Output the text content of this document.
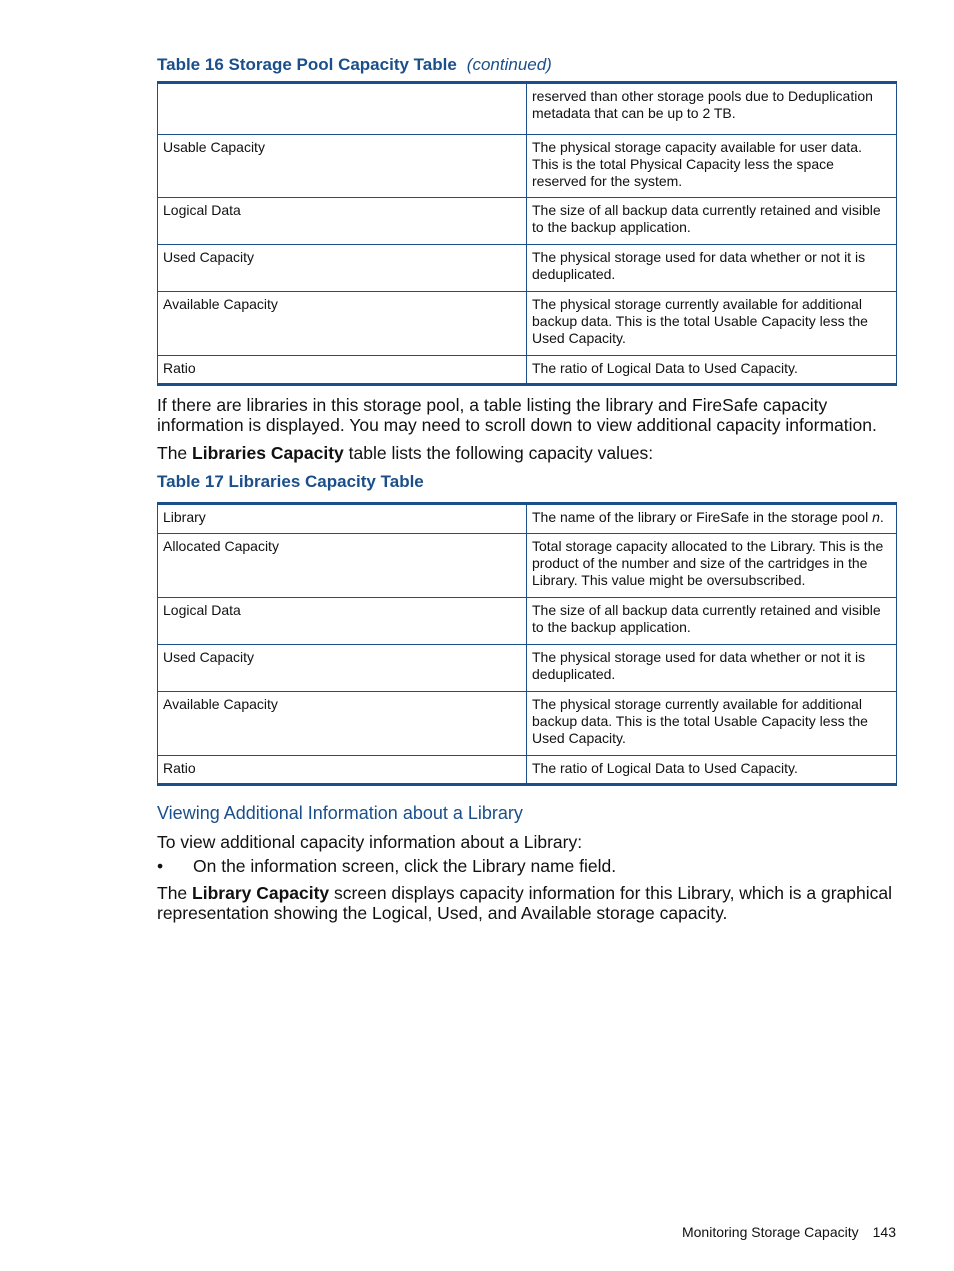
Table 16 Storage Pool Capacity Table (continued)
	reserved than other storage pools due to Deduplication metadata that can be up to 2 TB.
Usable Capacity	The physical storage capacity available for user data. This is the total Physical Capacity less the space reserved for the system.
Logical Data	The size of all backup data currently retained and visible to the backup application.
Used Capacity	The physical storage used for data whether or not it is deduplicated.
Available Capacity	The physical storage currently available for additional backup data. This is the total Usable Capacity less the Used Capacity.
Ratio	The ratio of Logical Data to Used Capacity.
If there are libraries in this storage pool, a table listing the library and FireSafe capacity information is displayed. You may need to scroll down to view additional capacity information.
The Libraries Capacity table lists the following capacity values:
Table 17 Libraries Capacity Table
Library	The name of the library or FireSafe in the storage pool n.
Allocated Capacity	Total storage capacity allocated to the Library. This is the product of the number and size of the cartridges in the Library. This value might be oversubscribed.
Logical Data	The size of all backup data currently retained and visible to the backup application.
Used Capacity	The physical storage used for data whether or not it is deduplicated.
Available Capacity	The physical storage currently available for additional backup data. This is the total Usable Capacity less the Used Capacity.
Ratio	The ratio of Logical Data to Used Capacity.
Viewing Additional Information about a Library
To view additional capacity information about a Library:
• On the information screen, click the Library name field.
The Library Capacity screen displays capacity information for this Library, which is a graphical representation showing the Logical, Used, and Available storage capacity.
Monitoring Storage Capacity 143
